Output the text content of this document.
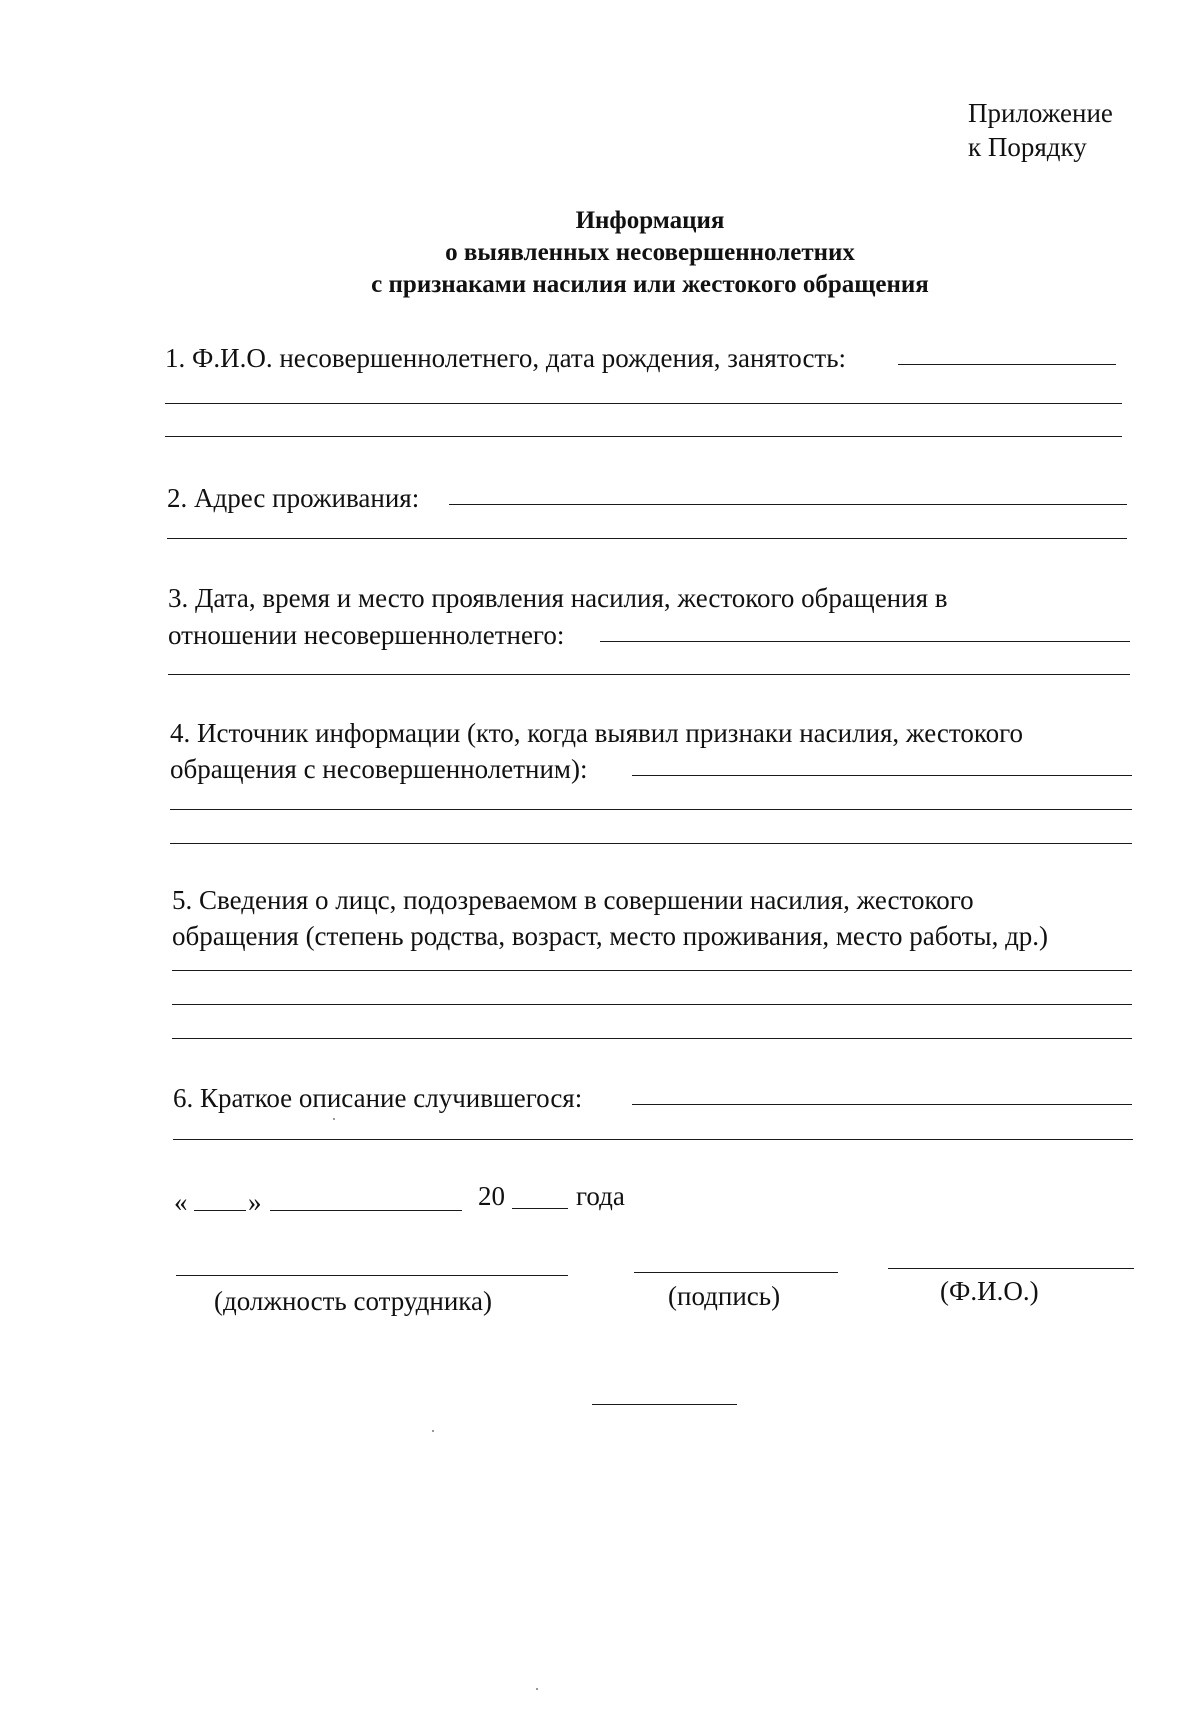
Приложение
к Порядку
Информация
о выявленных несовершеннолетних
с признаками насилия или жестокого обращения
1. Ф.И.О. несовершеннолетнего, дата рождения, занятость:
2. Адрес проживания:
3. Дата, время и место проявления насилия, жестокого обращения в
отношении несовершеннолетнего:
4. Источник информации (кто, когда выявил признаки насилия, жестокого
обращения с несовершеннолетним):
5. Сведения о лицс, подозреваемом в совершении насилия, жестокого
обращения (степень родства, возраст, место проживания, место работы, др.)
6. Краткое описание случившегося:
« »	20	года
(должность сотрудника)	(подпись)	(Ф.И.О.)
